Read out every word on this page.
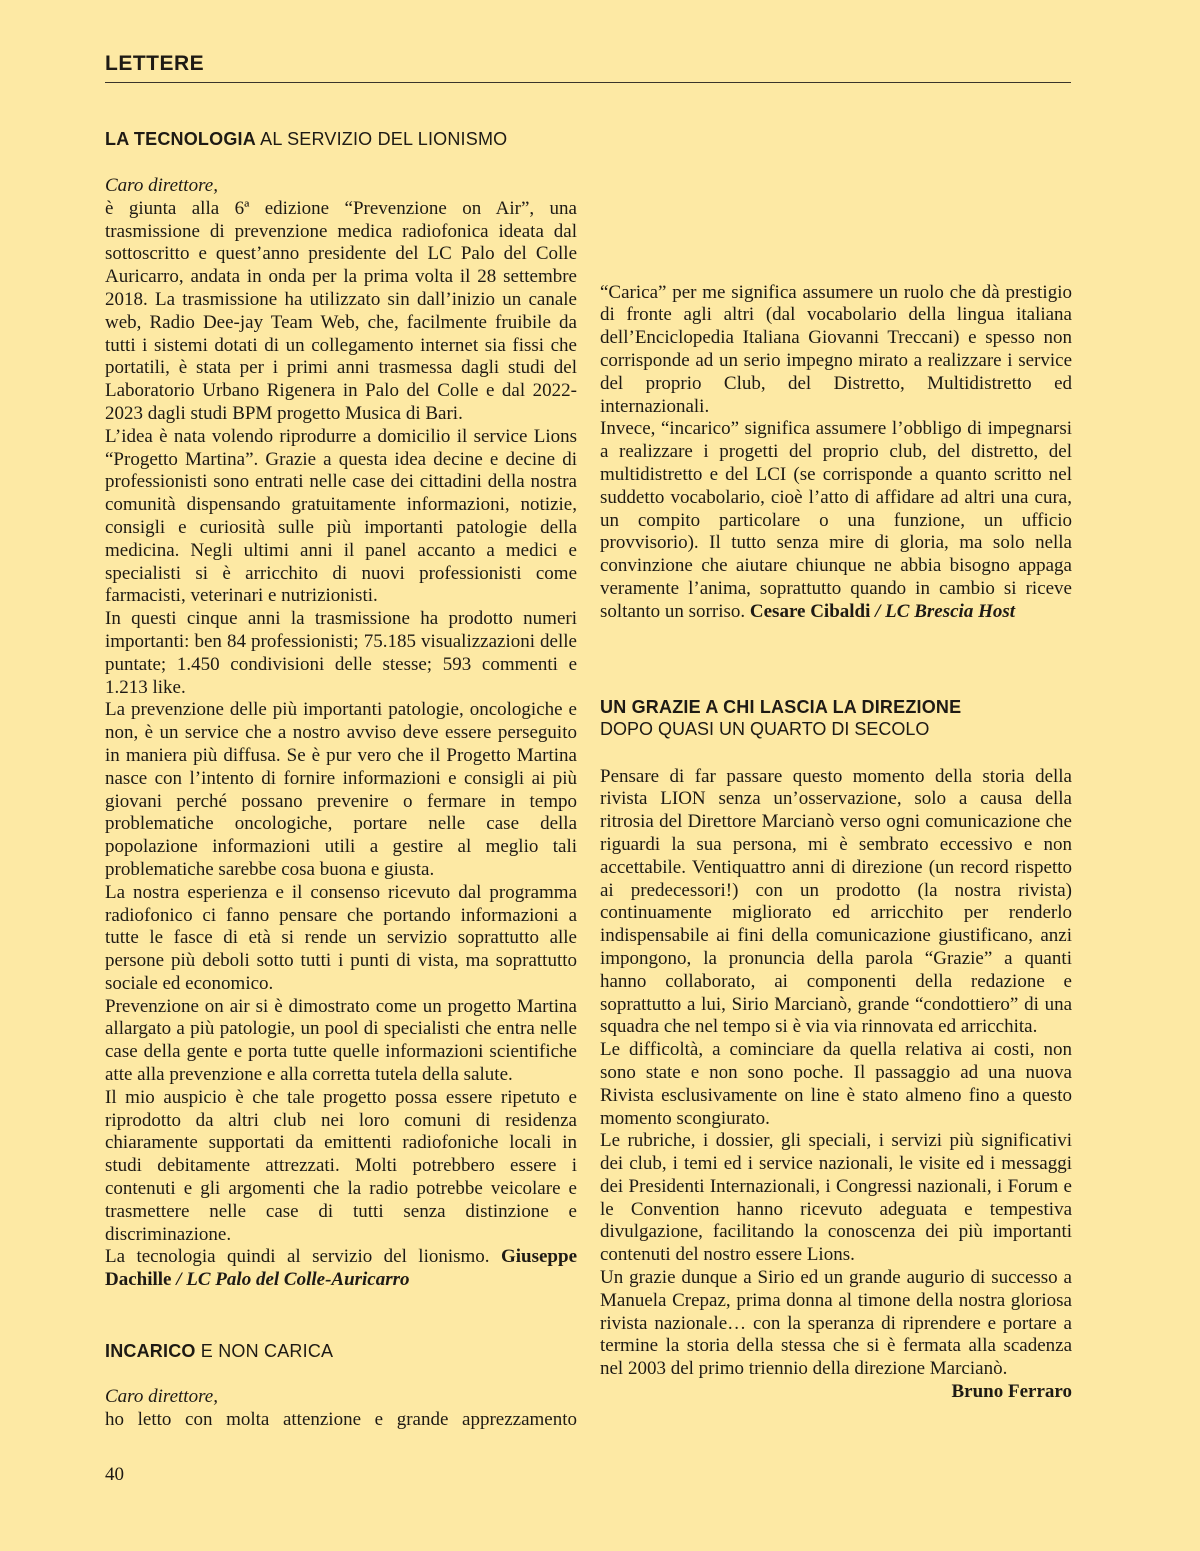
LETTERE

LA TECNOLOGIA AL SERVIZIO DEL LIONISMO

Caro direttore,

è giunta alla 6ª edizione “Prevenzione on Air”, una trasmissione di prevenzione medica radiofonica ideata dal sottoscritto e quest’anno presidente del LC Palo del Colle Auricarro, andata in onda per la prima volta il 28 settembre 2018. La trasmissione ha utilizzato sin dall’inizio un canale web, Radio Dee-jay Team Web, che, facilmente fruibile da tutti i sistemi dotati di un collegamento internet sia fissi che portatili, è stata per i primi anni trasmessa dagli studi del Laboratorio Urbano Rigenera in Palo del Colle e dal 2022-2023 dagli studi BPM progetto Musica di Bari.

L’idea è nata volendo riprodurre a domicilio il service Lions “Progetto Martina”. Grazie a questa idea decine e decine di professionisti sono entrati nelle case dei cittadini della nostra comunità dispensando gratuitamente informazioni, notizie, consigli e curiosità sulle più importanti patologie della medicina. Negli ultimi anni il panel accanto a medici e specialisti si è arricchito di nuovi professionisti come farmacisti, veterinari e nutrizionisti.

In questi cinque anni la trasmissione ha prodotto numeri importanti: ben 84 professionisti; 75.185 visualizzazioni delle puntate; 1.450 condivisioni delle stesse; 593 commenti e 1.213 like.

La prevenzione delle più importanti patologie, oncologiche e non, è un service che a nostro avviso deve essere perseguito in maniera più diffusa. Se è pur vero che il Progetto Martina nasce con l’intento di fornire informazioni e consigli ai più giovani perché possano prevenire o fermare in tempo problematiche oncologiche, portare nelle case della popolazione informazioni utili a gestire al meglio tali problematiche sarebbe cosa buona e giusta.

La nostra esperienza e il consenso ricevuto dal programma radiofonico ci fanno pensare che portando informazioni a tutte le fasce di età si rende un servizio soprattutto alle persone più deboli sotto tutti i punti di vista, ma soprattutto sociale ed economico.

Prevenzione on air si è dimostrato come un progetto Martina allargato a più patologie, un pool di specialisti che entra nelle case della gente e porta tutte quelle informazioni scientifiche atte alla prevenzione e alla corretta tutela della salute.

Il mio auspicio è che tale progetto possa essere ripetuto e riprodotto da altri club nei loro comuni di residenza chiaramente supportati da emittenti radiofoniche locali in studi debitamente attrezzati. Molti potrebbero essere i contenuti e gli argomenti che la radio potrebbe veicolare e trasmettere nelle case di tutti senza distinzione e discriminazione.

La tecnologia quindi al servizio del lionismo. Giuseppe Dachille / LC Palo del Colle-Auricarro

INCARICO E NON CARICA

Caro direttore,

ho letto con molta attenzione e grande apprezzamento

“Carica” per me significa assumere un ruolo che dà prestigio di fronte agli altri (dal vocabolario della lingua italiana dell’Enciclopedia Italiana Giovanni Treccani) e spesso non corrisponde ad un serio impegno mirato a realizzare i service del proprio Club, del Distretto, Multidistretto ed internazionali.

Invece, “incarico” significa assumere l’obbligo di impegnarsi a realizzare i progetti del proprio club, del distretto, del multidistretto e del LCI (se corrisponde a quanto scritto nel suddetto vocabolario, cioè l’atto di affidare ad altri una cura, un compito particolare o una funzione, un ufficio provvisorio). Il tutto senza mire di gloria, ma solo nella convinzione che aiutare chiunque ne abbia bisogno appaga veramente l’anima, soprattutto quando in cambio si riceve soltanto un sorriso. Cesare Cibaldi / LC Brescia Host

UN GRAZIE A CHI LASCIA LA DIREZIONE

DOPO QUASI UN QUARTO DI SECOLO

Pensare di far passare questo momento della storia della rivista LION senza un’osservazione, solo a causa della ritrosia del Direttore Marcianò verso ogni comunicazione che riguardi la sua persona, mi è sembrato eccessivo e non accettabile. Ventiquattro anni di direzione (un record rispetto ai predecessori!) con un prodotto (la nostra rivista) continuamente migliorato ed arricchito per renderlo indispensabile ai fini della comunicazione giustificano, anzi impongono, la pronuncia della parola “Grazie” a quanti hanno collaborato, ai componenti della redazione e soprattutto a lui, Sirio Marcianò, grande “condottiero” di una squadra che nel tempo si è via via rinnovata ed arricchita.

Le difficoltà, a cominciare da quella relativa ai costi, non sono state e non sono poche. Il passaggio ad una nuova Rivista esclusivamente on line è stato almeno fino a questo momento scongiurato.

Le rubriche, i dossier, gli speciali, i servizi più significativi dei club, i temi ed i service nazionali, le visite ed i messaggi dei Presidenti Internazionali, i Congressi nazionali, i Forum e le Convention hanno ricevuto adeguata e tempestiva divulgazione, facilitando la conoscenza dei più importanti contenuti del nostro essere Lions.

Un grazie dunque a Sirio ed un grande augurio di successo a Manuela Crepaz, prima donna al timone della nostra gloriosa rivista nazionale… con la speranza di riprendere e portare a termine la storia della stessa che si è fermata alla scadenza nel 2003 del primo triennio della direzione Marcianò.

Bruno Ferraro
40
